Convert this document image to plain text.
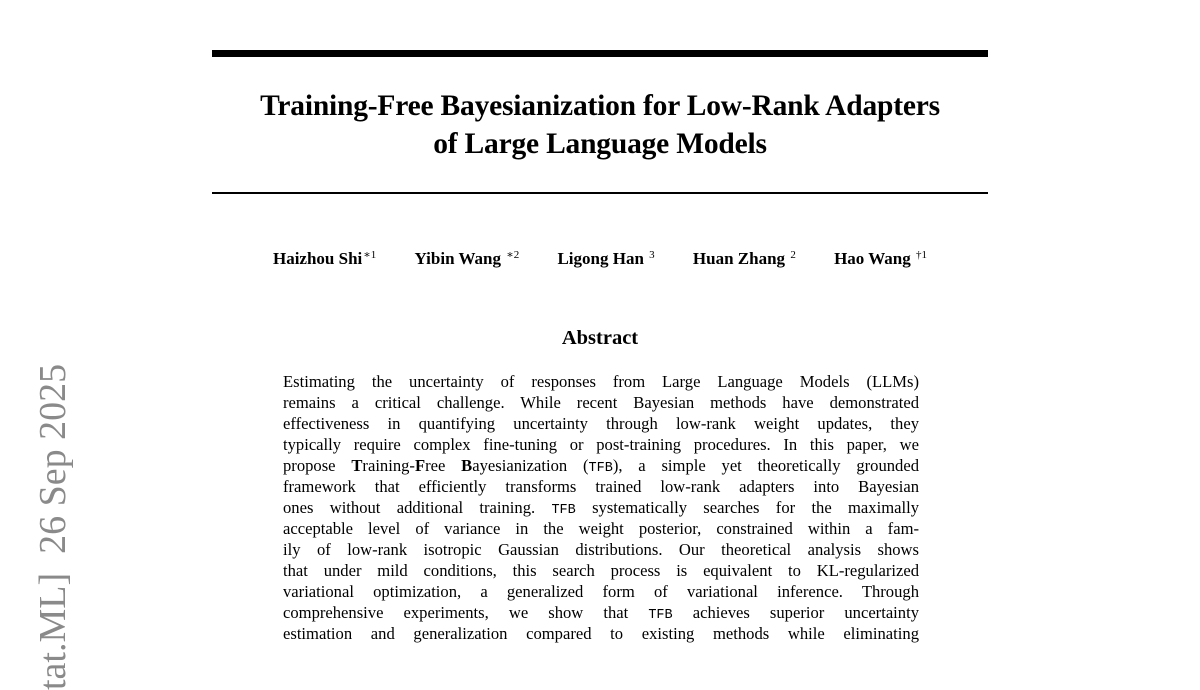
tat.ML]  26 Sep 2025
Training-Free Bayesianization for Low-Rank Adapters
of Large Language Models
Haizhou Shi$^{∗1}$ Yibin Wang $^{∗2}$ Ligong Han $^3$ Huan Zhang $^2$ Hao Wang $^{\dagger 1}$
Abstract
Estimating the uncertainty of responses from Large Language Models (LLMs)
remains a critical challenge. While recent Bayesian methods have demonstrated
effectiveness in quantifying uncertainty through low-rank weight updates, they
typically require complex fine-tuning or post-training procedures. In this paper, we
propose Training-Free Bayesianization (TFB), a simple yet theoretically grounded
framework that efficiently transforms trained low-rank adapters into Bayesian
ones without additional training. TFB systematically searches for the maximally
acceptable level of variance in the weight posterior, constrained within a fam-
ily of low-rank isotropic Gaussian distributions. Our theoretical analysis shows
that under mild conditions, this search process is equivalent to KL-regularized
variational optimization, a generalized form of variational inference. Through
comprehensive experiments, we show that TFB achieves superior uncertainty
estimation and generalization compared to existing methods while eliminating
